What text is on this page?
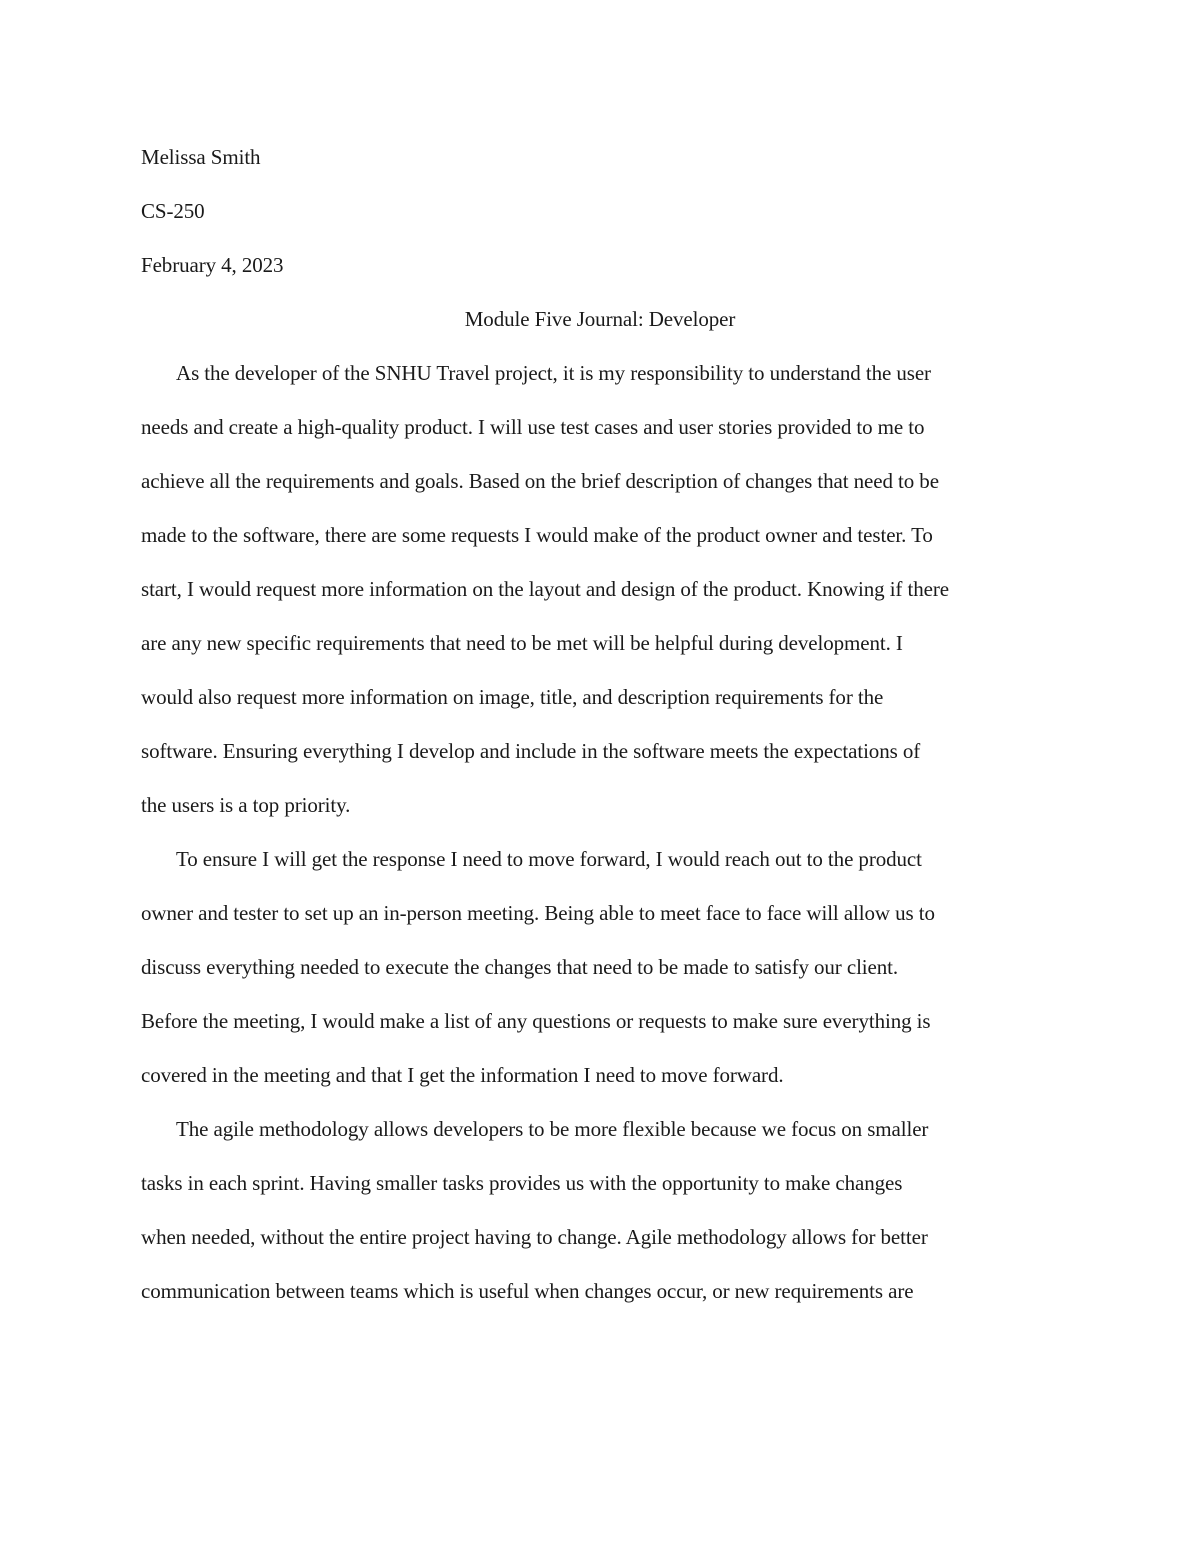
Melissa Smith
CS-250
February 4, 2023
Module Five Journal: Developer
As the developer of the SNHU Travel project, it is my responsibility to understand the user
needs and create a high-quality product. I will use test cases and user stories provided to me to
achieve all the requirements and goals. Based on the brief description of changes that need to be
made to the software, there are some requests I would make of the product owner and tester. To
start, I would request more information on the layout and design of the product. Knowing if there
are any new specific requirements that need to be met will be helpful during development. I
would also request more information on image, title, and description requirements for the
software. Ensuring everything I develop and include in the software meets the expectations of
the users is a top priority.
To ensure I will get the response I need to move forward, I would reach out to the product
owner and tester to set up an in-person meeting. Being able to meet face to face will allow us to
discuss everything needed to execute the changes that need to be made to satisfy our client.
Before the meeting, I would make a list of any questions or requests to make sure everything is
covered in the meeting and that I get the information I need to move forward.
The agile methodology allows developers to be more flexible because we focus on smaller
tasks in each sprint. Having smaller tasks provides us with the opportunity to make changes
when needed, without the entire project having to change. Agile methodology allows for better
communication between teams which is useful when changes occur, or new requirements are
